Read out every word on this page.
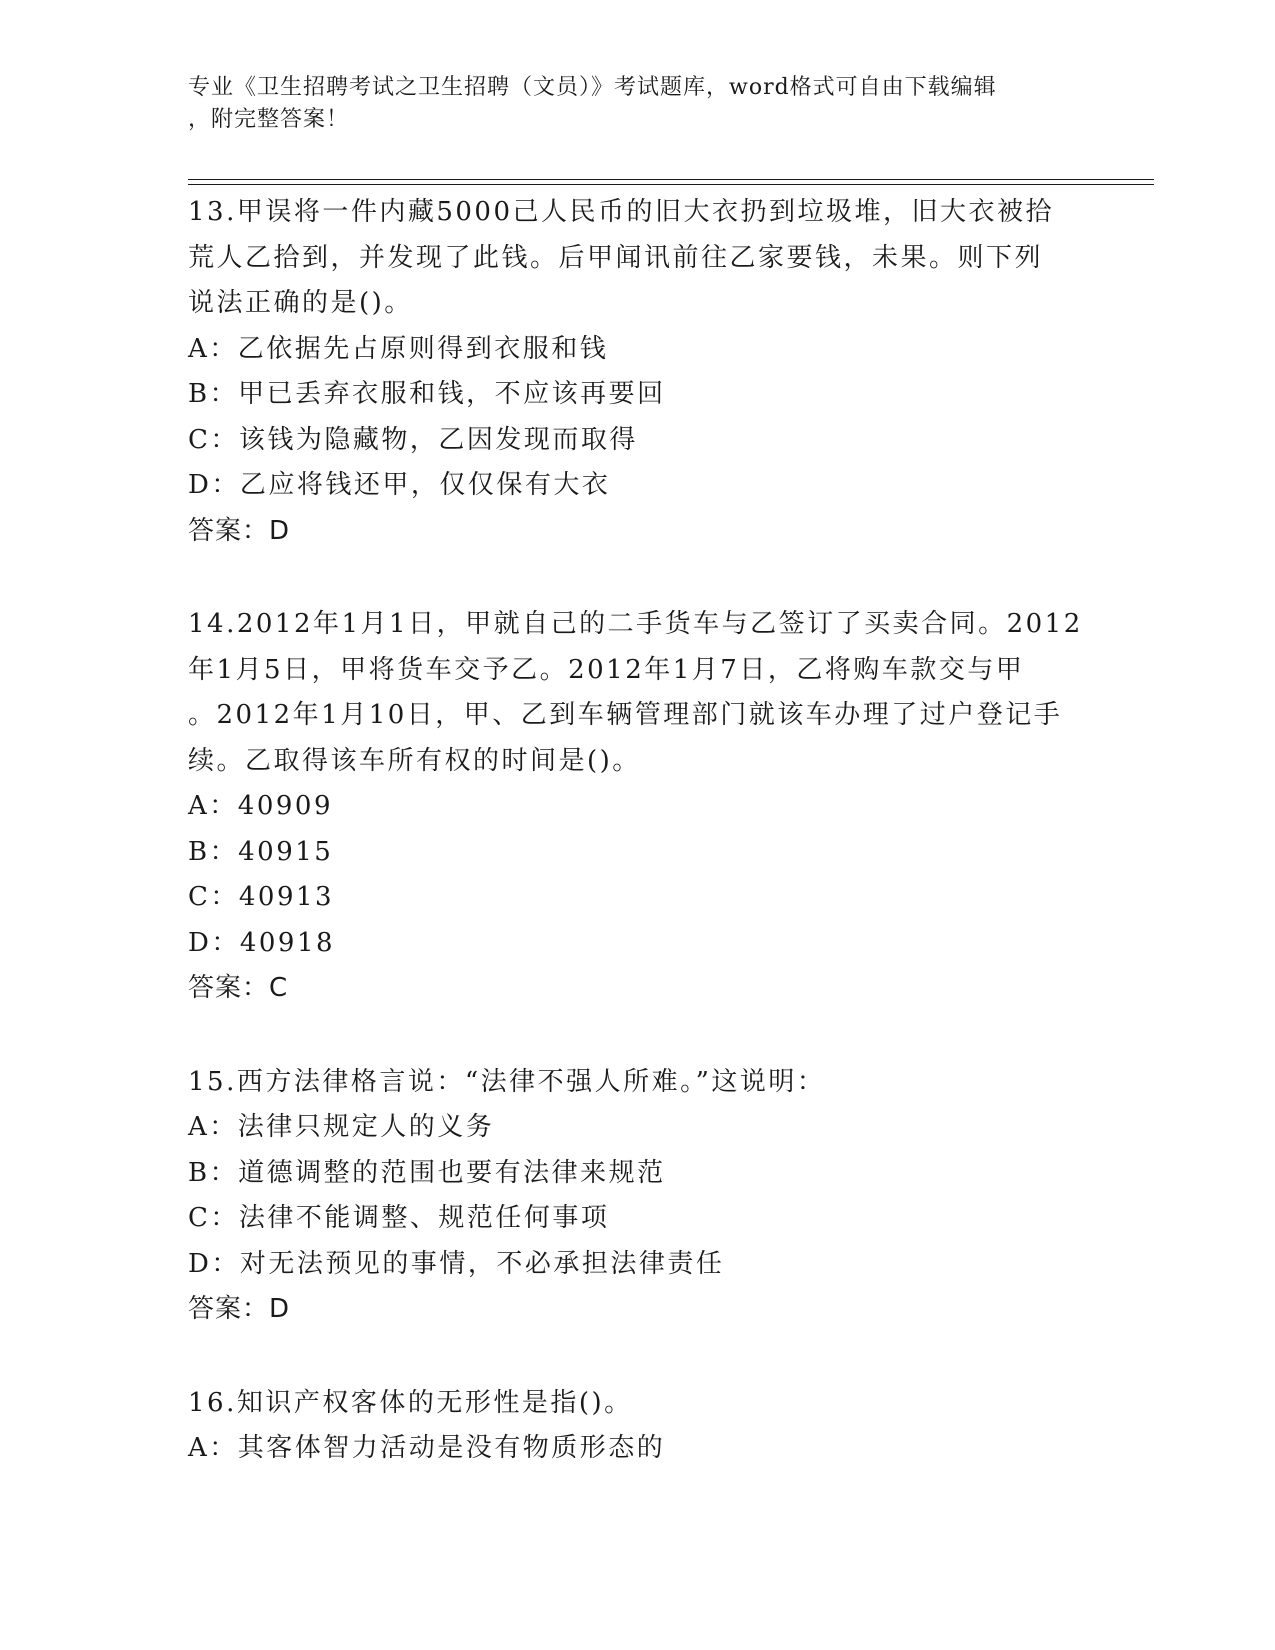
专业《卫生招聘考试之卫生招聘（文员）》考试题库，word格式可自由下载编辑
，附完整答案！

13.甲误将一件内藏5000己人民币的旧大衣扔到垃圾堆，旧大衣被拾

荒人乙拾到，并发现了此钱。后甲闻讯前往乙家要钱，未果。则下列

说法正确的是()。

A：乙依据先占原则得到衣服和钱

B：甲已丢弃衣服和钱，不应该再要回

C：该钱为隐藏物，乙因发现而取得

D：乙应将钱还甲，仅仅保有大衣

答案：D

14.2012年1月1日，甲就自己的二手货车与乙签订了买卖合同。2012

年1月5日，甲将货车交予乙。2012年1月7日，乙将购车款交与甲

。2012年1月10日，甲、乙到车辆管理部门就该车办理了过户登记手

续。乙取得该车所有权的时间是()。

A：40909

B：40915

C：40913

D：40918

答案：C

15.西方法律格言说：“法律不强人所难。”这说明：

A：法律只规定人的义务

B：道德调整的范围也要有法律来规范

C：法律不能调整、规范任何事项

D：对无法预见的事情，不必承担法律责任

答案：D

16.知识产权客体的无形性是指()。

A：其客体智力活动是没有物质形态的
